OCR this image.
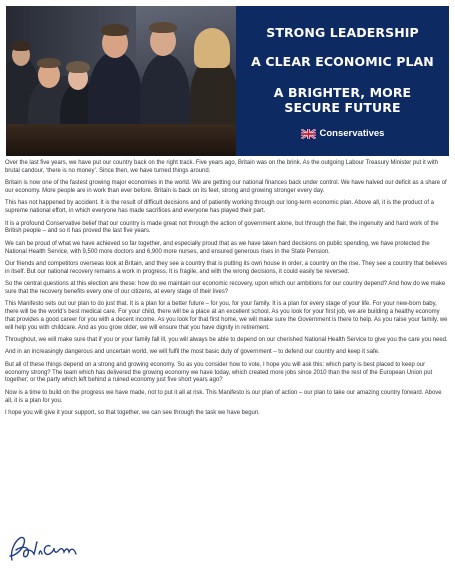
STRONG LEADERSHIP
A CLEAR ECONOMIC PLAN
A BRIGHTER, MORE SECURE FUTURE
Conservatives

Over the last five years, we have put our country back on the right track. Five years ago, Britain was on the brink. As the outgoing Labour Treasury Minister put it with brutal candour, ‘there is no money’. Since then, we have turned things around.

Britain is now one of the fastest growing major economies in the world. We are getting our national finances back under control. We have halved our deficit as a share of our economy. More people are in work than ever before. Britain is back on its feet, strong and growing stronger every day.

This has not happened by accident. It is the result of difficult decisions and of patiently working through our long-term economic plan. Above all, it is the product of a supreme national effort, in which everyone has made sacrifices and everyone has played their part.

It is a profound Conservative belief that our country is made great not through the action of government alone, but through the flair, the ingenuity and hard work of the British people – and so it has proved the last five years.

We can be proud of what we have achieved so far together, and especially proud that as we have taken hard decisions on public spending, we have protected the National Health Service, with 9,500 more doctors and 6,900 more nurses, and ensured generous rises in the State Pension.

Our friends and competitors overseas look at Britain, and they see a country that is putting its own house in order, a country on the rise. They see a country that believes in itself. But our national recovery remains a work in progress. It is fragile, and with the wrong decisions, it could easily be reversed.

So the central questions at this election are these: how do we maintain our economic recovery, upon which our ambitions for our country depend? And how do we make sure that the recovery benefits every one of our citizens, at every stage of their lives?

This Manifesto sets out our plan to do just that. It is a plan for a better future – for you, for your family. It is a plan for every stage of your life. For your new-born baby, there will be the world’s best medical care. For your child, there will be a place at an excellent school. As you look for your first job, we are building a healthy economy that provides a good career for you with a decent income. As you look for that first home, we will make sure the Government is there to help. As you raise your family, we will help you with childcare. And as you grow older, we will ensure that you have dignity in retirement.

Throughout, we will make sure that if you or your family fall ill, you will always be able to depend on our cherished National Health Service to give you the care you need.

And in an increasingly dangerous and uncertain world, we will fulfil the most basic duty of government – to defend our country and keep it safe.

But all of these things depend on a strong and growing economy. So as you consider how to vote, I hope you will ask this: which party is best placed to keep our economy strong? The team which has delivered the growing economy we have today, which created more jobs since 2010 than the rest of the European Union put together; or the party which left behind a ruined economy just five short years ago?

Now is a time to build on the progress we have made, not to put it all at risk. This Manifesto is our plan of action – our plan to take our amazing country forward. Above all, it is a plan for you.

I hope you will give it your support, so that together, we can see through the task we have begun.
